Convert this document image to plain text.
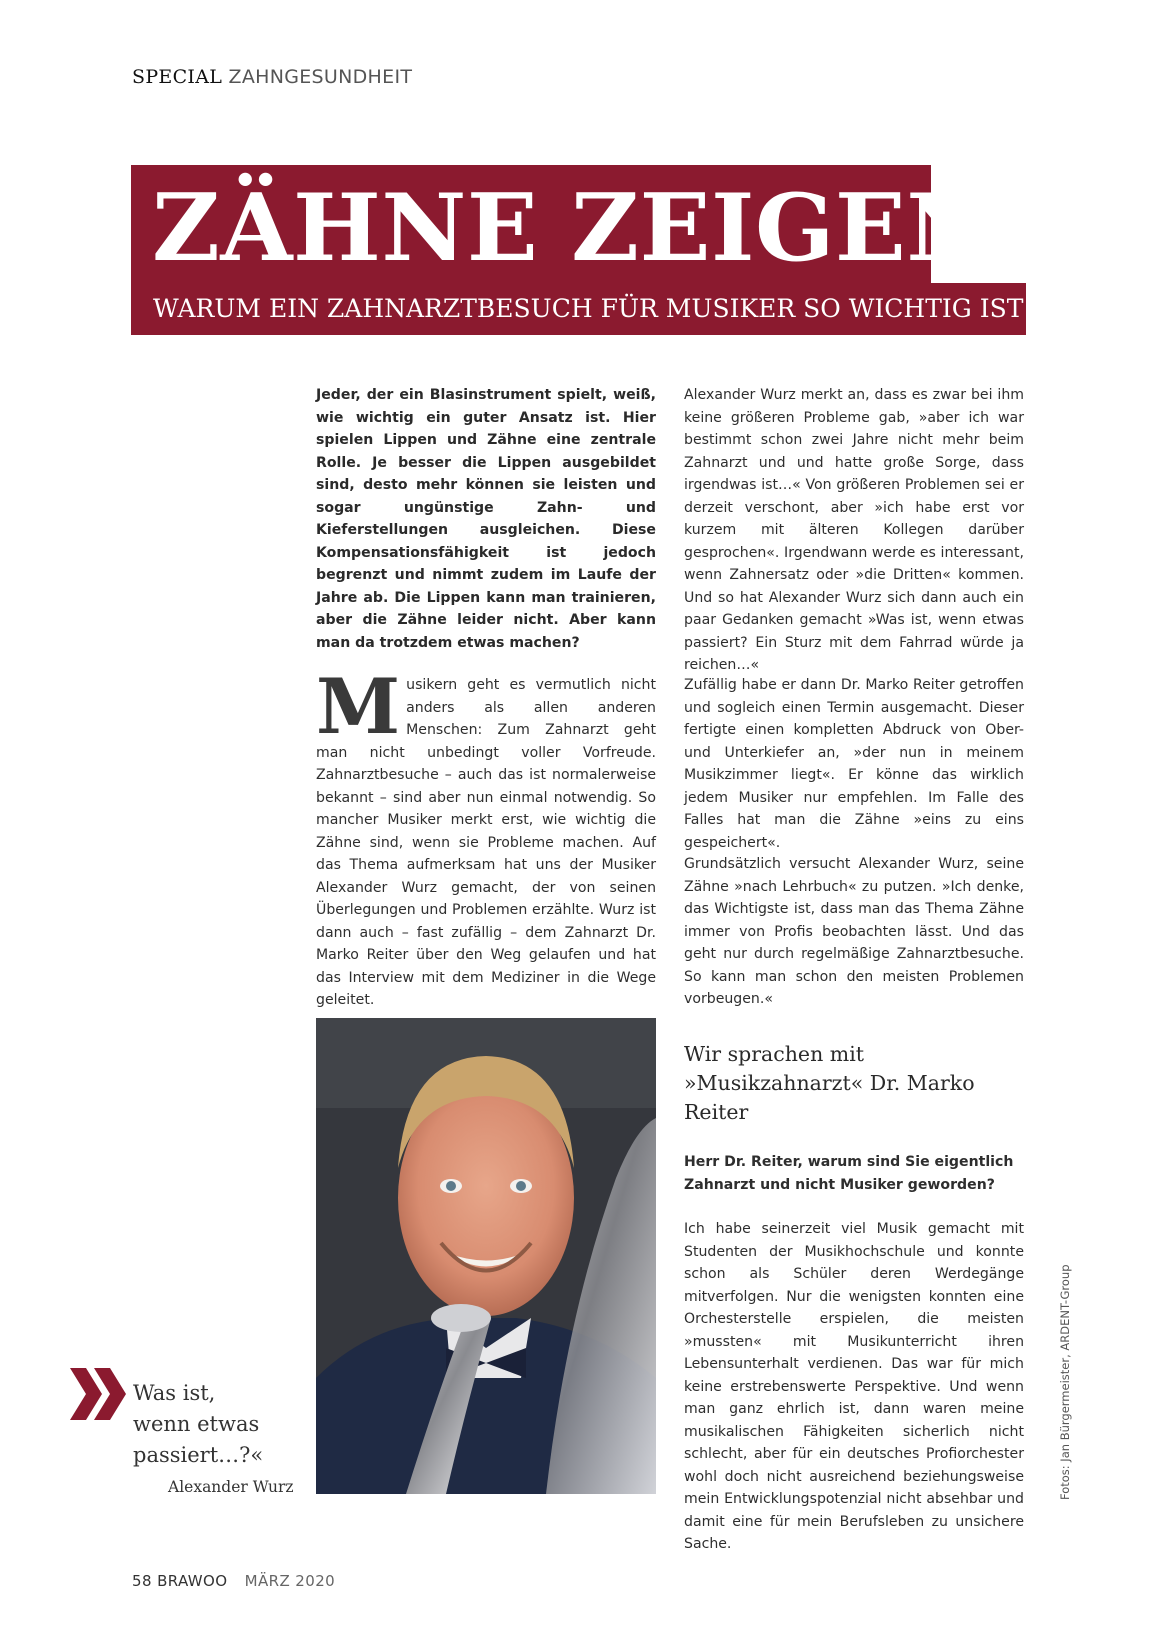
SPECIAL ZAHNGESUNDHEIT
ZÄHNE ZEIGEN!
WARUM EIN ZAHNARZTBESUCH FÜR MUSIKER SO WICHTIG IST

Jeder, der ein Blasinstrument spielt, weiß, wie wichtig ein guter Ansatz ist. Hier spielen Lippen und Zähne eine zentrale Rolle. Je besser die Lippen ausgebildet sind, desto mehr können sie leisten und sogar ungünstige Zahn- und Kieferstellungen ausgleichen. Diese Kompensationsfähigkeit ist jedoch begrenzt und nimmt zudem im Laufe der Jahre ab. Die Lippen kann man trainieren, aber die Zähne leider nicht. Aber kann man da trotzdem etwas machen?

M usikern geht es vermutlich nicht anders als allen anderen Menschen: Zum Zahnarzt geht man nicht unbedingt voller Vorfreude. Zahnarztbesuche – auch das ist normalerweise bekannt – sind aber nun einmal notwendig. So mancher Musiker merkt erst, wie wichtig die Zähne sind, wenn sie Probleme machen. Auf das Thema aufmerksam hat uns der Musiker Alexander Wurz gemacht, der von seinen Überlegungen und Problemen erzählte. Wurz ist dann auch – fast zufällig – dem Zahnarzt Dr. Marko Reiter über den Weg gelaufen und hat das Interview mit dem Mediziner in die Wege geleitet.

Alexander Wurz merkt an, dass es zwar bei ihm keine größeren Probleme gab, »aber ich war bestimmt schon zwei Jahre nicht mehr beim Zahnarzt und und hatte große Sorge, dass irgendwas ist…« Von größeren Problemen sei er derzeit verschont, aber »ich habe erst vor kurzem mit älteren Kollegen darüber gesprochen«. Irgendwann werde es interessant, wenn Zahnersatz oder »die Dritten« kommen. Und so hat Alexander Wurz sich dann auch ein paar Gedanken gemacht »Was ist, wenn etwas passiert? Ein Sturz mit dem Fahrrad würde ja reichen…«

Zufällig habe er dann Dr. Marko Reiter getroffen und sogleich einen Termin ausgemacht. Dieser fertigte einen kompletten Abdruck von Ober- und Unterkiefer an, »der nun in meinem Musikzimmer liegt«. Er könne das wirklich jedem Musiker nur empfehlen. Im Falle des Falles hat man die Zähne »eins zu eins gespeichert«.

Grundsätzlich versucht Alexander Wurz, seine Zähne »nach Lehrbuch« zu putzen. »Ich denke, das Wichtigste ist, dass man das Thema Zähne immer von Profis beobachten lässt. Und das geht nur durch regelmäßige Zahnarztbesuche. So kann man schon den meisten Problemen vorbeugen.«

Wir sprachen mit
»Musikzahnarzt« Dr. Marko Reiter

Herr Dr. Reiter, warum sind Sie eigentlich Zahnarzt und nicht Musiker geworden?

Ich habe seinerzeit viel Musik gemacht mit Studenten der Musikhochschule und konnte schon als Schüler deren Werdegänge mitverfolgen. Nur die wenigsten konnten eine Orchesterstelle erspielen, die meisten »mussten« mit Musikunterricht ihren Lebensunterhalt verdienen. Das war für mich keine erstrebenswerte Perspektive. Und wenn man ganz ehrlich ist, dann waren meine musikalischen Fähigkeiten sicherlich nicht schlecht, aber für ein deutsches Profiorchester wohl doch nicht ausreichend beziehungsweise mein Entwicklungspotenzial nicht absehbar und damit eine für mein Berufsleben zu unsichere Sache.

Was ist,
wenn etwas
passiert…?«
Alexander Wurz	Fotos: Jan Bürgermeister, ARDENT-Group
58 BRAWOO MÄRZ 2020
